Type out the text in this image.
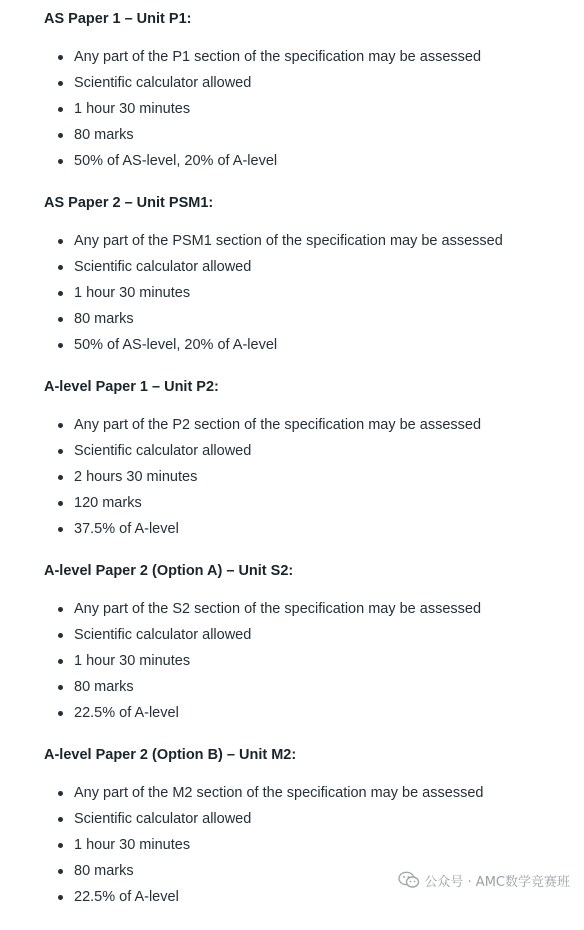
AS Paper 1 – Unit P1:

Any part of the P1 section of the specification may be assessed
Scientific calculator allowed
1 hour 30 minutes
80 marks
50% of AS-level, 20% of A-level

AS Paper 2 – Unit PSM1:

Any part of the PSM1 section of the specification may be assessed
Scientific calculator allowed
1 hour 30 minutes
80 marks
50% of AS-level, 20% of A-level

A-level Paper 1 – Unit P2:

Any part of the P2 section of the specification may be assessed
Scientific calculator allowed
2 hours 30 minutes
120 marks
37.5% of A-level

A-level Paper 2 (Option A) – Unit S2:

Any part of the S2 section of the specification may be assessed
Scientific calculator allowed
1 hour 30 minutes
80 marks
22.5% of A-level

A-level Paper 2 (Option B) – Unit M2:

Any part of the M2 section of the specification may be assessed
Scientific calculator allowed
1 hour 30 minutes
80 marks
22.5% of A-level
公众号 · AMC数学竞赛班
